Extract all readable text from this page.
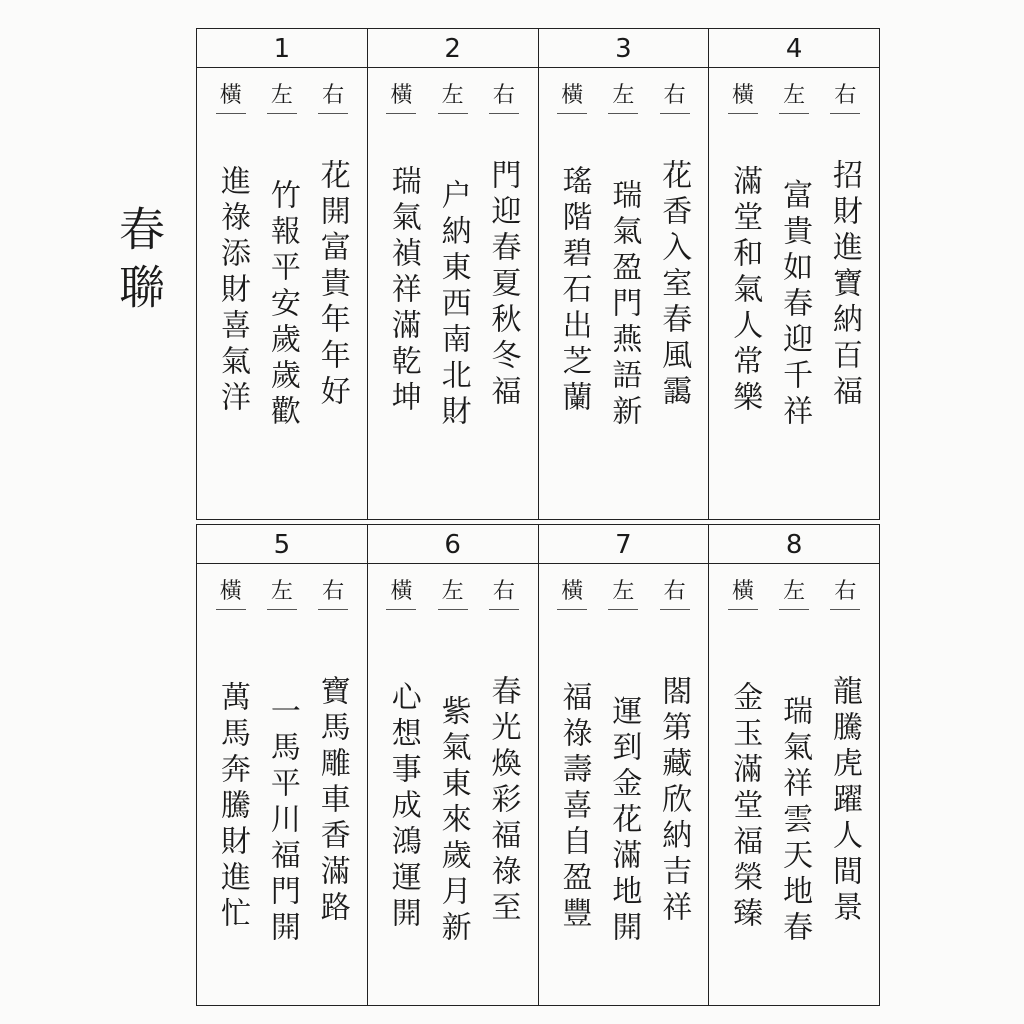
春聯
1
橫 左 右
花開富貴年年好
竹報平安歲歲歡
進祿添財喜氣洋
2
橫 左 右
門迎春夏秋冬福
户納東西南北財
瑞氣禎祥滿乾坤
3
橫 左 右
花香入室春風靄
瑞氣盈門燕語新
瑤階碧石出芝蘭
4
橫 左 右
招財進寶納百福
富貴如春迎千祥
滿堂和氣人常樂
5
橫 左 右
寶馬雕車香滿路
一馬平川福門開
萬馬奔騰財進忙
6
橫 左 右
春光煥彩福祿至
紫氣東來歲月新
心想事成鴻運開
7
橫 左 右
閤第藏欣納吉祥
運到金花滿地開
福祿壽喜自盈豐
8
橫 左 右
龍騰虎躍人間景
瑞氣祥雲天地春
金玉滿堂福榮臻
